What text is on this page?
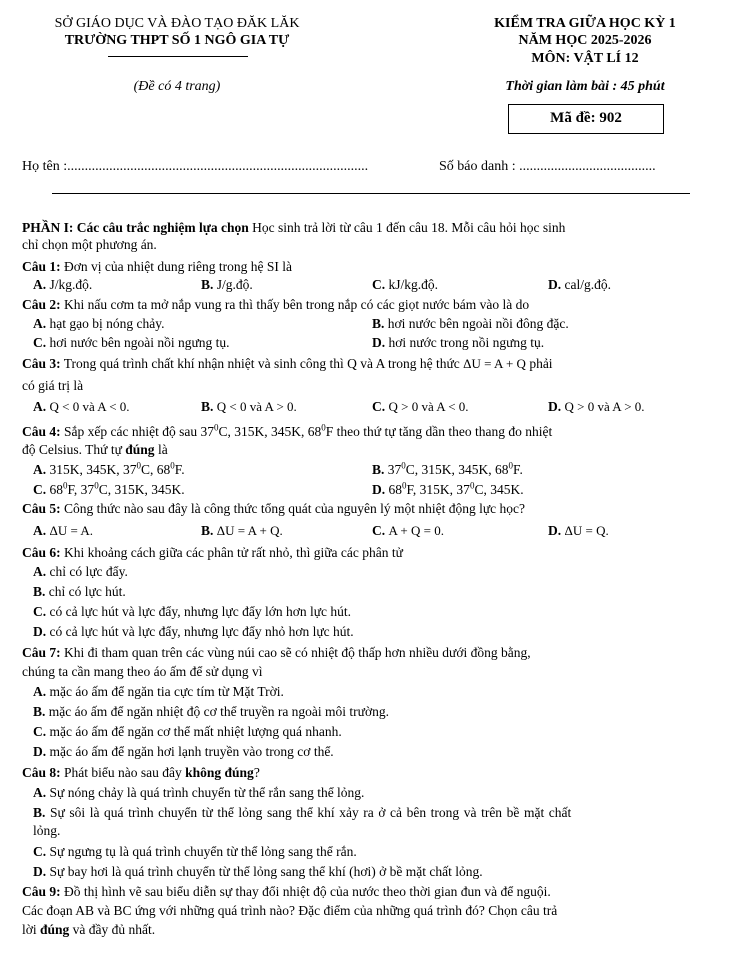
SỞ GIÁO DỤC VÀ ĐÀO TẠO ĐĂK LĂK
TRƯỜNG THPT SỐ 1 NGÔ GIA TỰ
(Đề có 4 trang)
KIỂM TRA GIỮA HỌC KỲ 1
NĂM HỌC 2025-2026
MÔN: VẬT LÍ 12
Thời gian làm bài : 45 phút
Mã đề: 902
Họ tên :......................................................................................	Số báo danh : .......................................
PHẦN I: Các câu trắc nghiệm lựa chọn Học sinh trả lời từ câu 1 đến câu 18. Mỗi câu hỏi học sinh
chỉ chọn một phương án.
Câu 1: Đơn vị của nhiệt dung riêng trong hệ SI là
A. J/kg.độ.	B. J/g.độ.	C. kJ/kg.độ.	D. cal/g.độ.
Câu 2: Khi nấu cơm ta mở nắp vung ra thì thấy bên trong nắp có các giọt nước bám vào là do
A. hạt gạo bị nóng chảy.	B. hơi nước bên ngoài nồi đông đặc.
C. hơi nước bên ngoài nồi ngưng tụ.	D. hơi nước trong nồi ngưng tụ.
Câu 3: Trong quá trình chất khí nhận nhiệt và sinh công thì Q và A trong hệ thức ΔU = A + Q phải
có giá trị là
A. Q < 0 và A < 0.	B. Q < 0 và A > 0.	C. Q > 0 và A < 0.	D. Q > 0 và A > 0.
Câu 4: Sắp xếp các nhiệt độ sau $37^0C$, 315K, 345K, $68^0F$ theo thứ tự tăng dần theo thang đo nhiệt
độ Celsius. Thứ tự đúng là
A. 315K, 345K, $37^0C$, $68^0F$.	B. $37^0C$, 315K, 345K, $68^0F$.
C. $68^0F$, $37^0C$, 315K, 345K.	D. $68^0F$, 315K, $37^0C$, 345K.
Câu 5: Công thức nào sau đây là công thức tổng quát của nguyên lý một nhiệt động lực học?
A. ΔU = A.	B. ΔU = A + Q.	C. A + Q = 0.	D. ΔU = Q.
Câu 6: Khi khoảng cách giữa các phân tử rất nhỏ, thì giữa các phân tử
A. chỉ có lực đẩy.
B. chỉ có lực hút.
C. có cả lực hút và lực đẩy, nhưng lực đẩy lớn hơn lực hút.
D. có cả lực hút và lực đẩy, nhưng lực đẩy nhỏ hơn lực hút.
Câu 7: Khi đi tham quan trên các vùng núi cao sẽ có nhiệt độ thấp hơn nhiều dưới đồng bằng,
chúng ta cần mang theo áo ấm để sử dụng vì
A. mặc áo ấm để ngăn tia cực tím từ Mặt Trời.
B. mặc áo ấm để ngăn nhiệt độ cơ thể truyền ra ngoài môi trường.
C. mặc áo ấm để ngăn cơ thể mất nhiệt lượng quá nhanh.
D. mặc áo ấm để ngăn hơi lạnh truyền vào trong cơ thể.
Câu 8: Phát biểu nào sau đây không đúng?
A. Sự nóng chảy là quá trình chuyển từ thể rắn sang thể lỏng.
B. Sự sôi là quá trình chuyển từ thể lỏng sang thể khí xảy ra ở cả bên trong và trên bề mặt chất
lỏng.
C. Sự ngưng tụ là quá trình chuyển từ thể lỏng sang thể rắn.
D. Sự bay hơi là quá trình chuyển từ thể lỏng sang thể khí (hơi) ở bề mặt chất lỏng.
Câu 9: Đồ thị hình vẽ sau biểu diễn sự thay đổi nhiệt độ của nước theo thời gian đun và để nguội.
Các đoạn AB và BC ứng với những quá trình nào? Đặc điểm của những quá trình đó? Chọn câu trả
lời đúng và đầy đủ nhất.
